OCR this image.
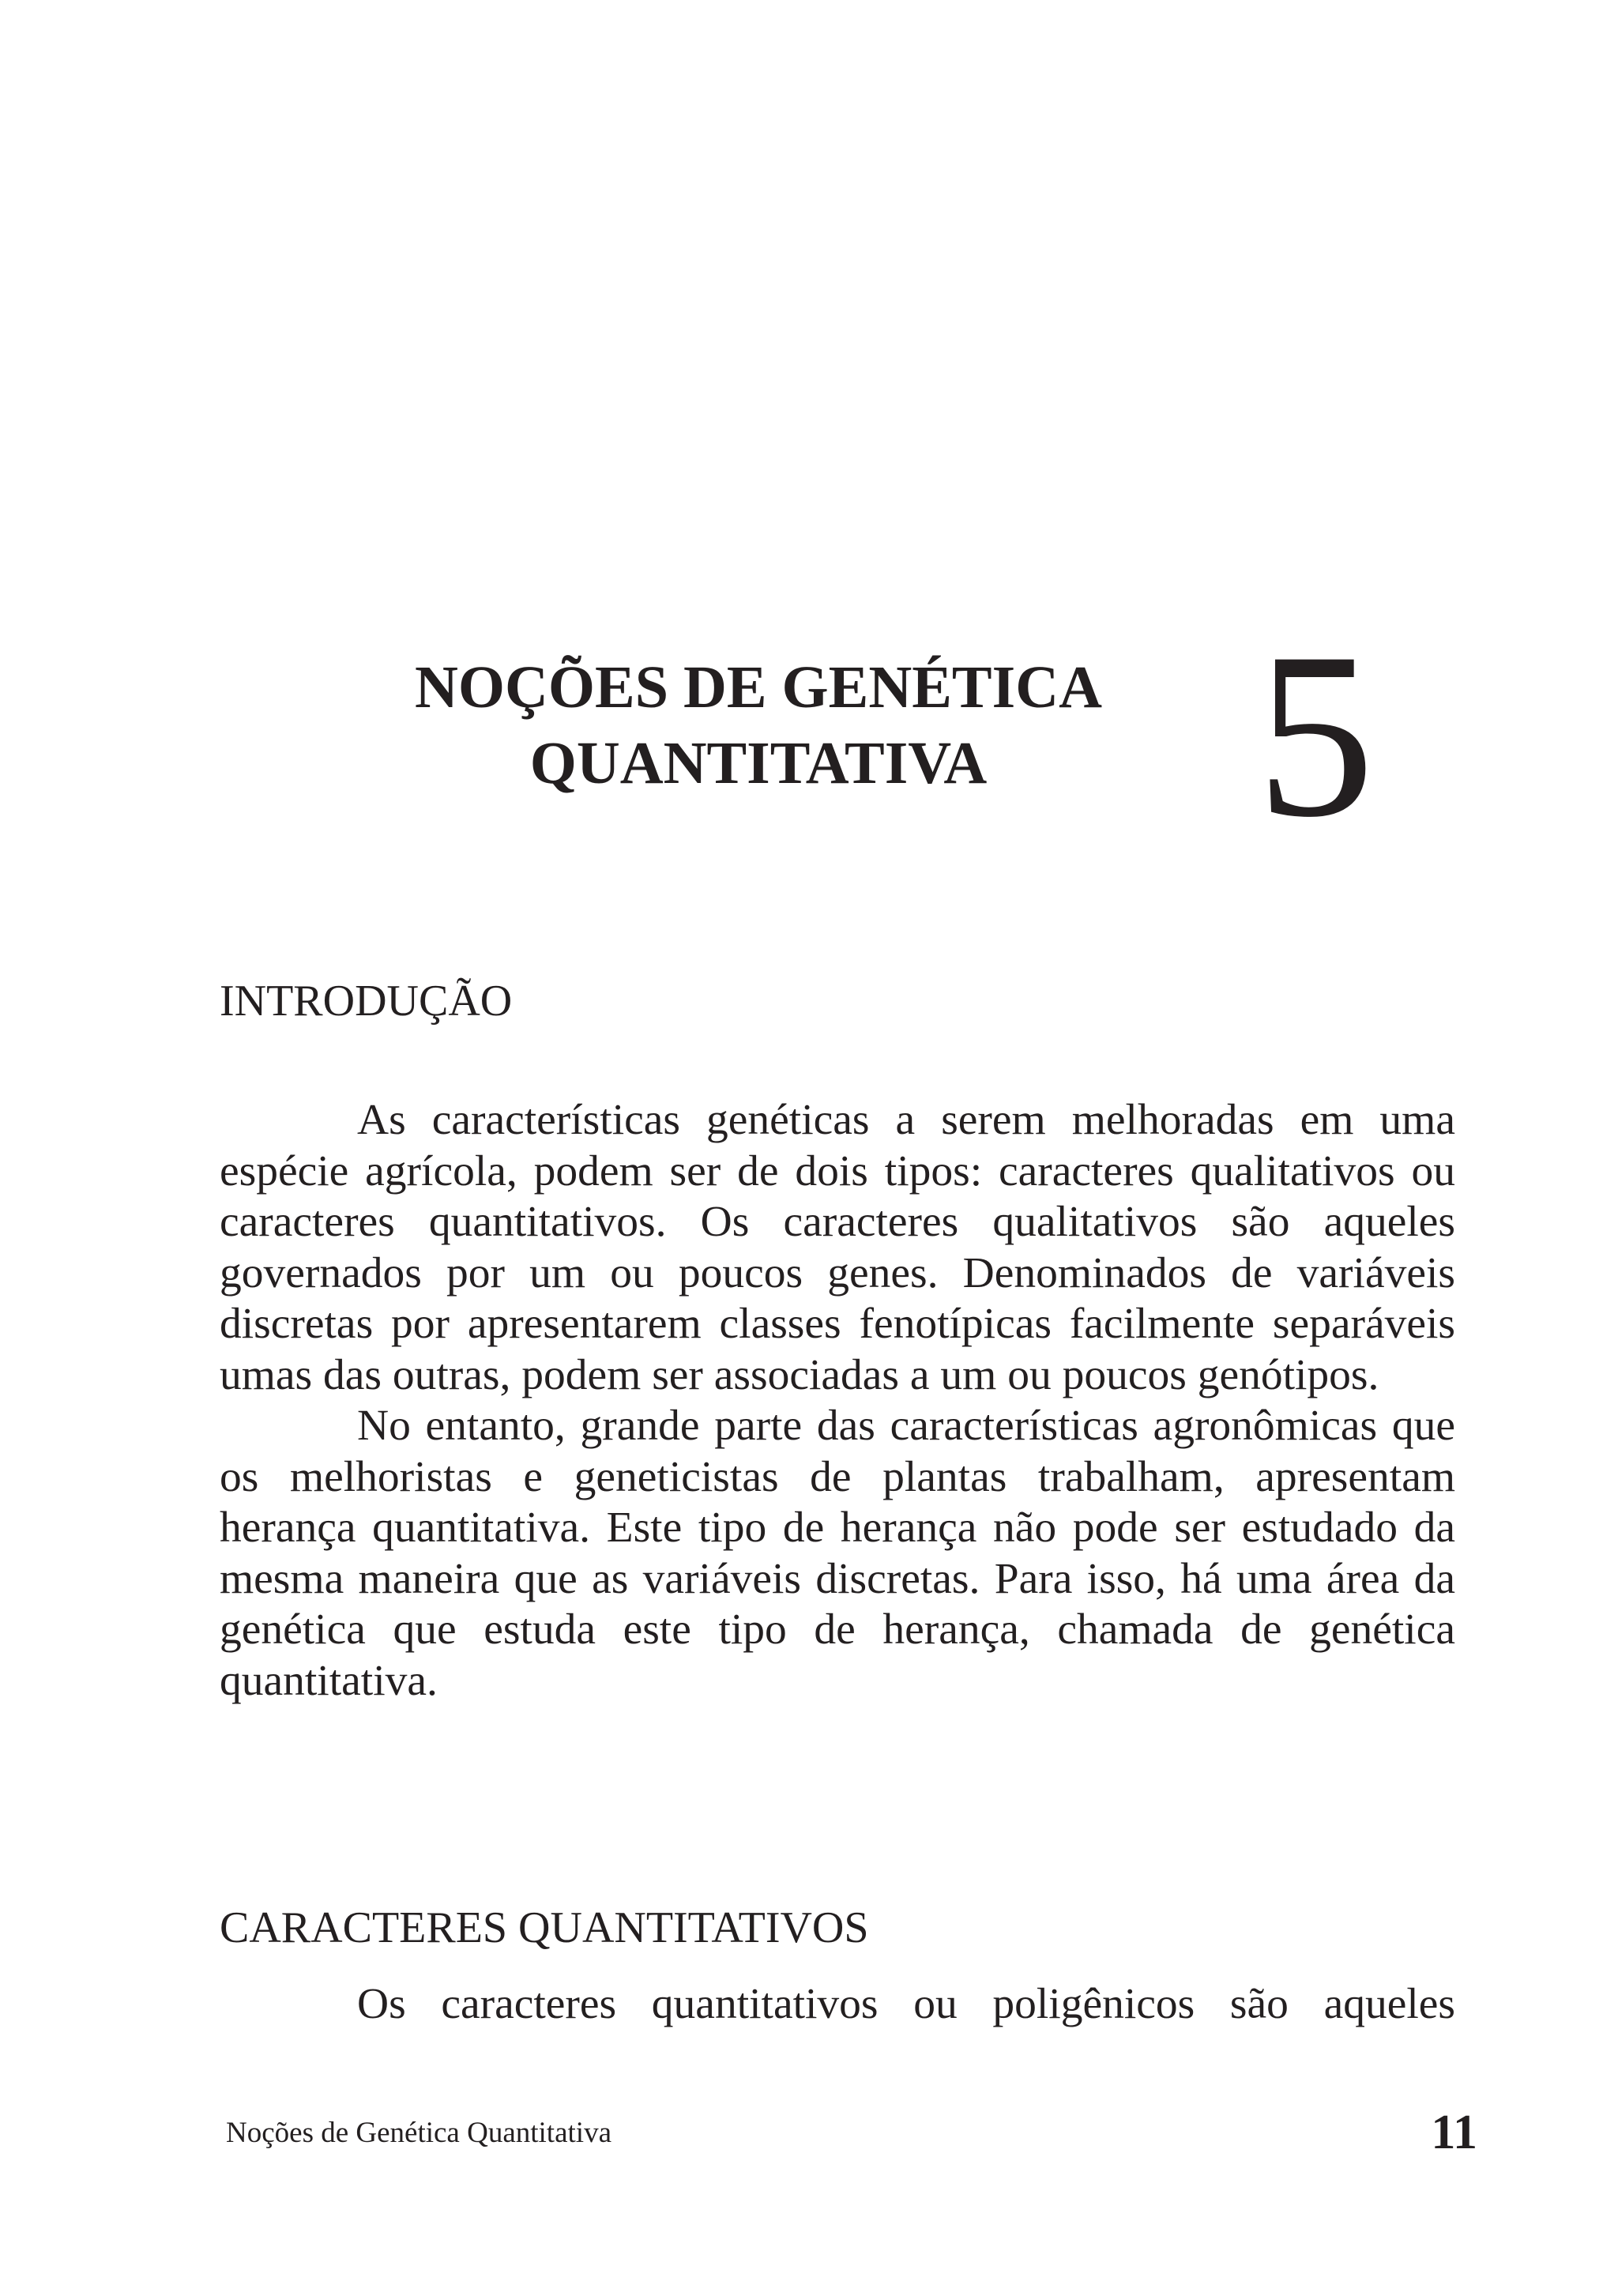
NOÇÕES DE GENÉTICA
QUANTITATIVA	5
INTRODUÇÃO

As características genéticas a serem melhoradas em uma espécie agrícola, podem ser de dois tipos: caracteres qualitativos ou caracteres quantitativos. Os caracteres qualitativos são aqueles governados por um ou poucos genes. Denominados de variáveis discretas por apresentarem classes fenotípicas facilmente separáveis umas das outras, podem ser associadas a um ou poucos genótipos.

No entanto, grande parte das características agronômicas que os melhoristas e geneticistas de plantas trabalham, apresentam herança quantitativa. Este tipo de herança não pode ser estudado da mesma maneira que as variáveis discretas. Para isso, há uma área da genética que estuda este tipo de herança, chamada de genética quantitativa.

CARACTERES QUANTITATIVOS

Os caracteres quantitativos ou poligênicos são aqueles

Noções de Genética Quantitativa	11
